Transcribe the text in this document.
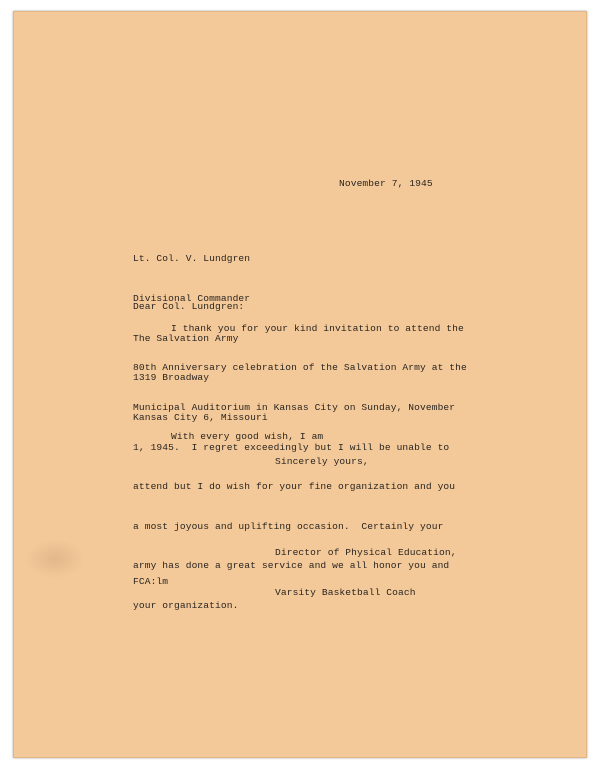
November 7, 1945

Lt. Col. V. Lundgren

Divisional Commander

The Salvation Army

1319 Broadway

Kansas City 6, Missouri

Dear Col. Lundgren:
I thank you for your kind invitation to attend the

80th Anniversary celebration of the Salvation Army at the

Municipal Auditorium in Kansas City on Sunday, November

1, 1945.  I regret exceedingly but I will be unable to

attend but I do wish for your fine organization and you

a most joyous and uplifting occasion.  Certainly your

army has done a great service and we all honor you and

your organization.

With every good wish, I am
Sincerely yours,

Director of Physical Education,

Varsity Basketball Coach

FCA:lm
